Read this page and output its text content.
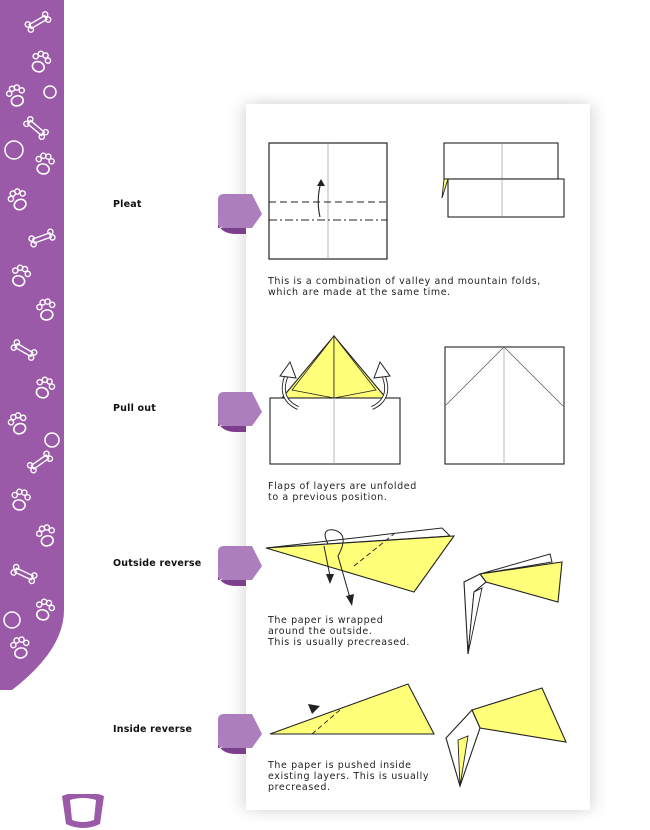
Pleat
This is a combination of valley and mountain folds,
which are made at the same time.
Pull out
Flaps of layers are unfolded
to a previous position.
Outside reverse
The paper is wrapped
around the outside.
This is usually precreased.
Inside reverse
The paper is pushed inside
existing layers. This is usually
precreased.
16
